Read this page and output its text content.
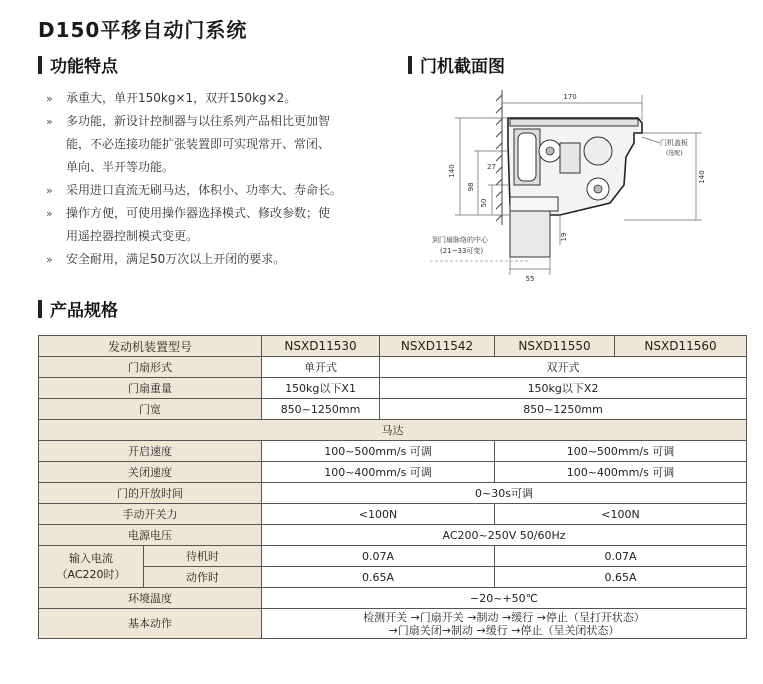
D150平移自动门系统
功能特点	门机截面图
» 承重大，单开150kg×1，双开150kg×2。
» 多功能，新设计控制器与以往系列产品相比更加智
能，不必连接功能扩张装置即可实现常开、常闭、
单向、半开等功能。
» 采用进口直流无刷马达，体积小、功率大、寿命长。
» 操作方便，可使用操作器选择模式、修改参数；使
用遥控器控制模式变更。
» 安全耐用，满足50万次以上开闭的要求。
170
140
98
27
50
140
门机盖板
(选配)
19
到门扇脉络的中心
(21~33可变)
55
产品规格
发动机装置型号		NSXD11530	NSXD11542	NSXD11550	NSXD11560
门扇形式		单开式	双开式		
门扇重量		150kg以下X1	150kg以下X2		
门宽		850~1250mm	850~1250mm		
马达					
开启速度		100~500mm/s 可调		100~500mm/s 可调	
关闭速度		100~400mm/s 可调		100~400mm/s 可调	
门的开放时间		0~30s可调			
手动开关力		<100N		<100N	
电源电压		AC200~250V 50/60Hz			

输入电流
（AC220时）	待机时	0.07A		0.07A	
	动作时	0.65A		0.65A	
环境温度		−20~+50℃			
基本动作		检测开关 →门扇开关 →制动 →缓行 →停止（呈打开状态）
→门扇关闭→制动 →缓行 →停止（呈关闭状态）			
